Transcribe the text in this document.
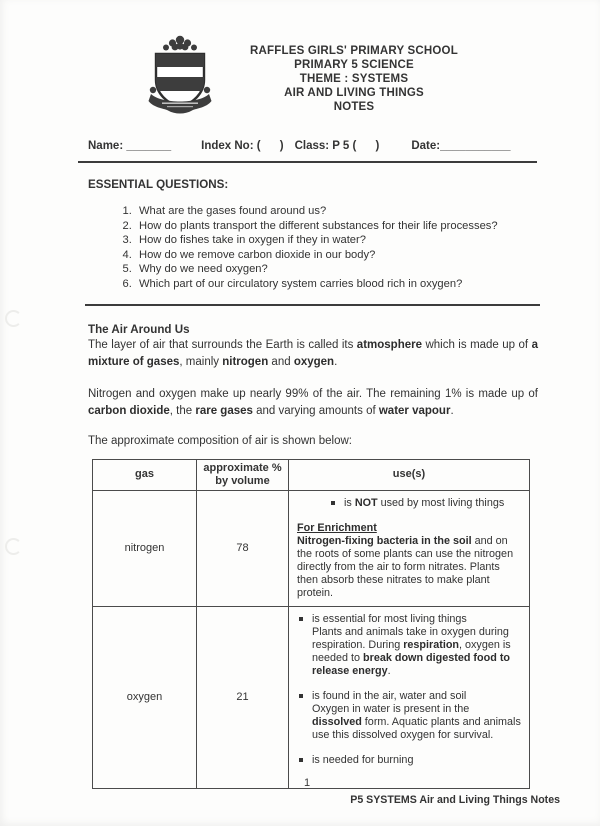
RAFFLES GIRLS' PRIMARY SCHOOL
PRIMARY 5 SCIENCE
THEME : SYSTEMS
AIR AND LIVING THINGS
NOTES
Name: _______	Index No: (      ) Class: P 5 (      )	Date:___________
ESSENTIAL QUESTIONS:
1. What are the gases found around us?
2. How do plants transport the different substances for their life processes?
3. How do fishes take in oxygen if they in water?
4. How do we remove carbon dioxide in our body?
5. Why do we need oxygen?
6. Which part of our circulatory system carries blood rich in oxygen?
The Air Around Us

The layer of air that surrounds the Earth is called its atmosphere which is made up of a mixture of gases, mainly nitrogen and oxygen.

Nitrogen and oxygen make up nearly 99% of the air. The remaining 1% is made up of carbon dioxide, the rare gases and varying amounts of water vapour.

The approximate composition of air is shown below:

gas	approximate % by volume	use(s)
nitrogen	78	is NOT used by most living things
For Enrichment
Nitrogen-fixing bacteria in the soil and on the roots of some plants can use the nitrogen directly from the air to form nitrates. Plants then absorb these nitrates to make plant protein.

oxygen	21	is essential for most living things
Plants and animals take in oxygen during respiration. During respiration, oxygen is needed to break down digested food to release energy.
is found in the air, water and soil
Oxygen in water is present in the dissolved form. Aquatic plants and animals use this dissolved oxygen for survival.
is needed for burning
1
P5 SYSTEMS Air and Living Things Notes
